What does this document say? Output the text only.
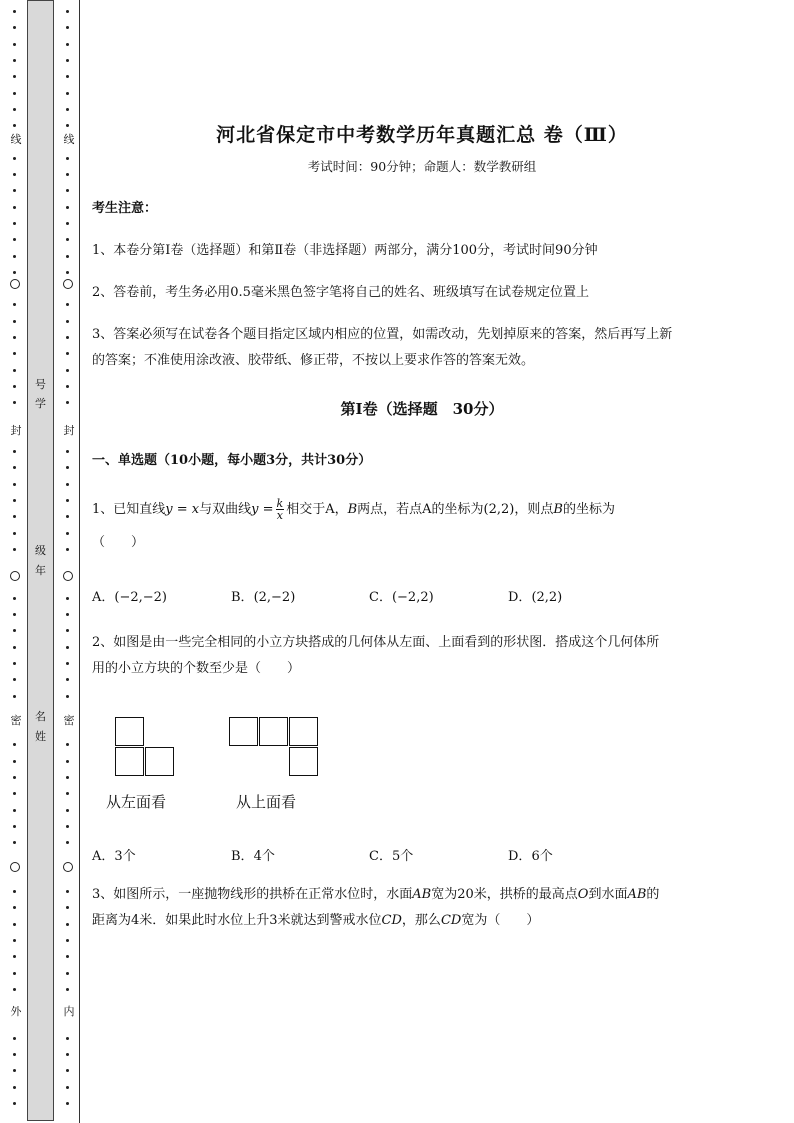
线
封
密
外
号
学
级
年
名
姓
线
封
密
内
河北省保定市中考数学历年真题汇总 卷（Ⅲ）
考试时间：90分钟；命题人：数学教研组
考生注意：
1、本卷分第Ⅰ卷（选择题）和第Ⅱ卷（非选择题）两部分，满分100分，考试时间90分钟
2、答卷前，考生务必用0.5毫米黑色签字笔将自己的姓名、班级填写在试卷规定位置上
3、答案必须写在试卷各个题目指定区域内相应的位置，如需改动，先划掉原来的答案，然后再写上新
的答案；不准使用涂改液、胶带纸、修正带，不按以上要求作答的答案无效。
第Ⅰ卷（选择题　30分）
一、单选题（10小题，每小题3分，共计30分）
1、已知直线y = x与双曲线$y = \frac{k}{x}$ 相交于A，B两点，若点A的坐标为(2,2)，则点B的坐标为
（　　）
A．(−2,−2)	B．(2,−2)	C．(−2,2)	D．(2,2)
2、如图是由一些完全相同的小立方块搭成的几何体从左面、上面看到的形状图．搭成这个几何体所
用的小立方块的个数至少是（　　）
从左面看	从上面看
A．3个	B．4个	C．5个	D．6个
3、如图所示，一座抛物线形的拱桥在正常水位时，水面AB宽为20米，拱桥的最高点O到水面AB的
距离为4米．如果此时水位上升3米就达到警戒水位CD，那么CD宽为（　　）
